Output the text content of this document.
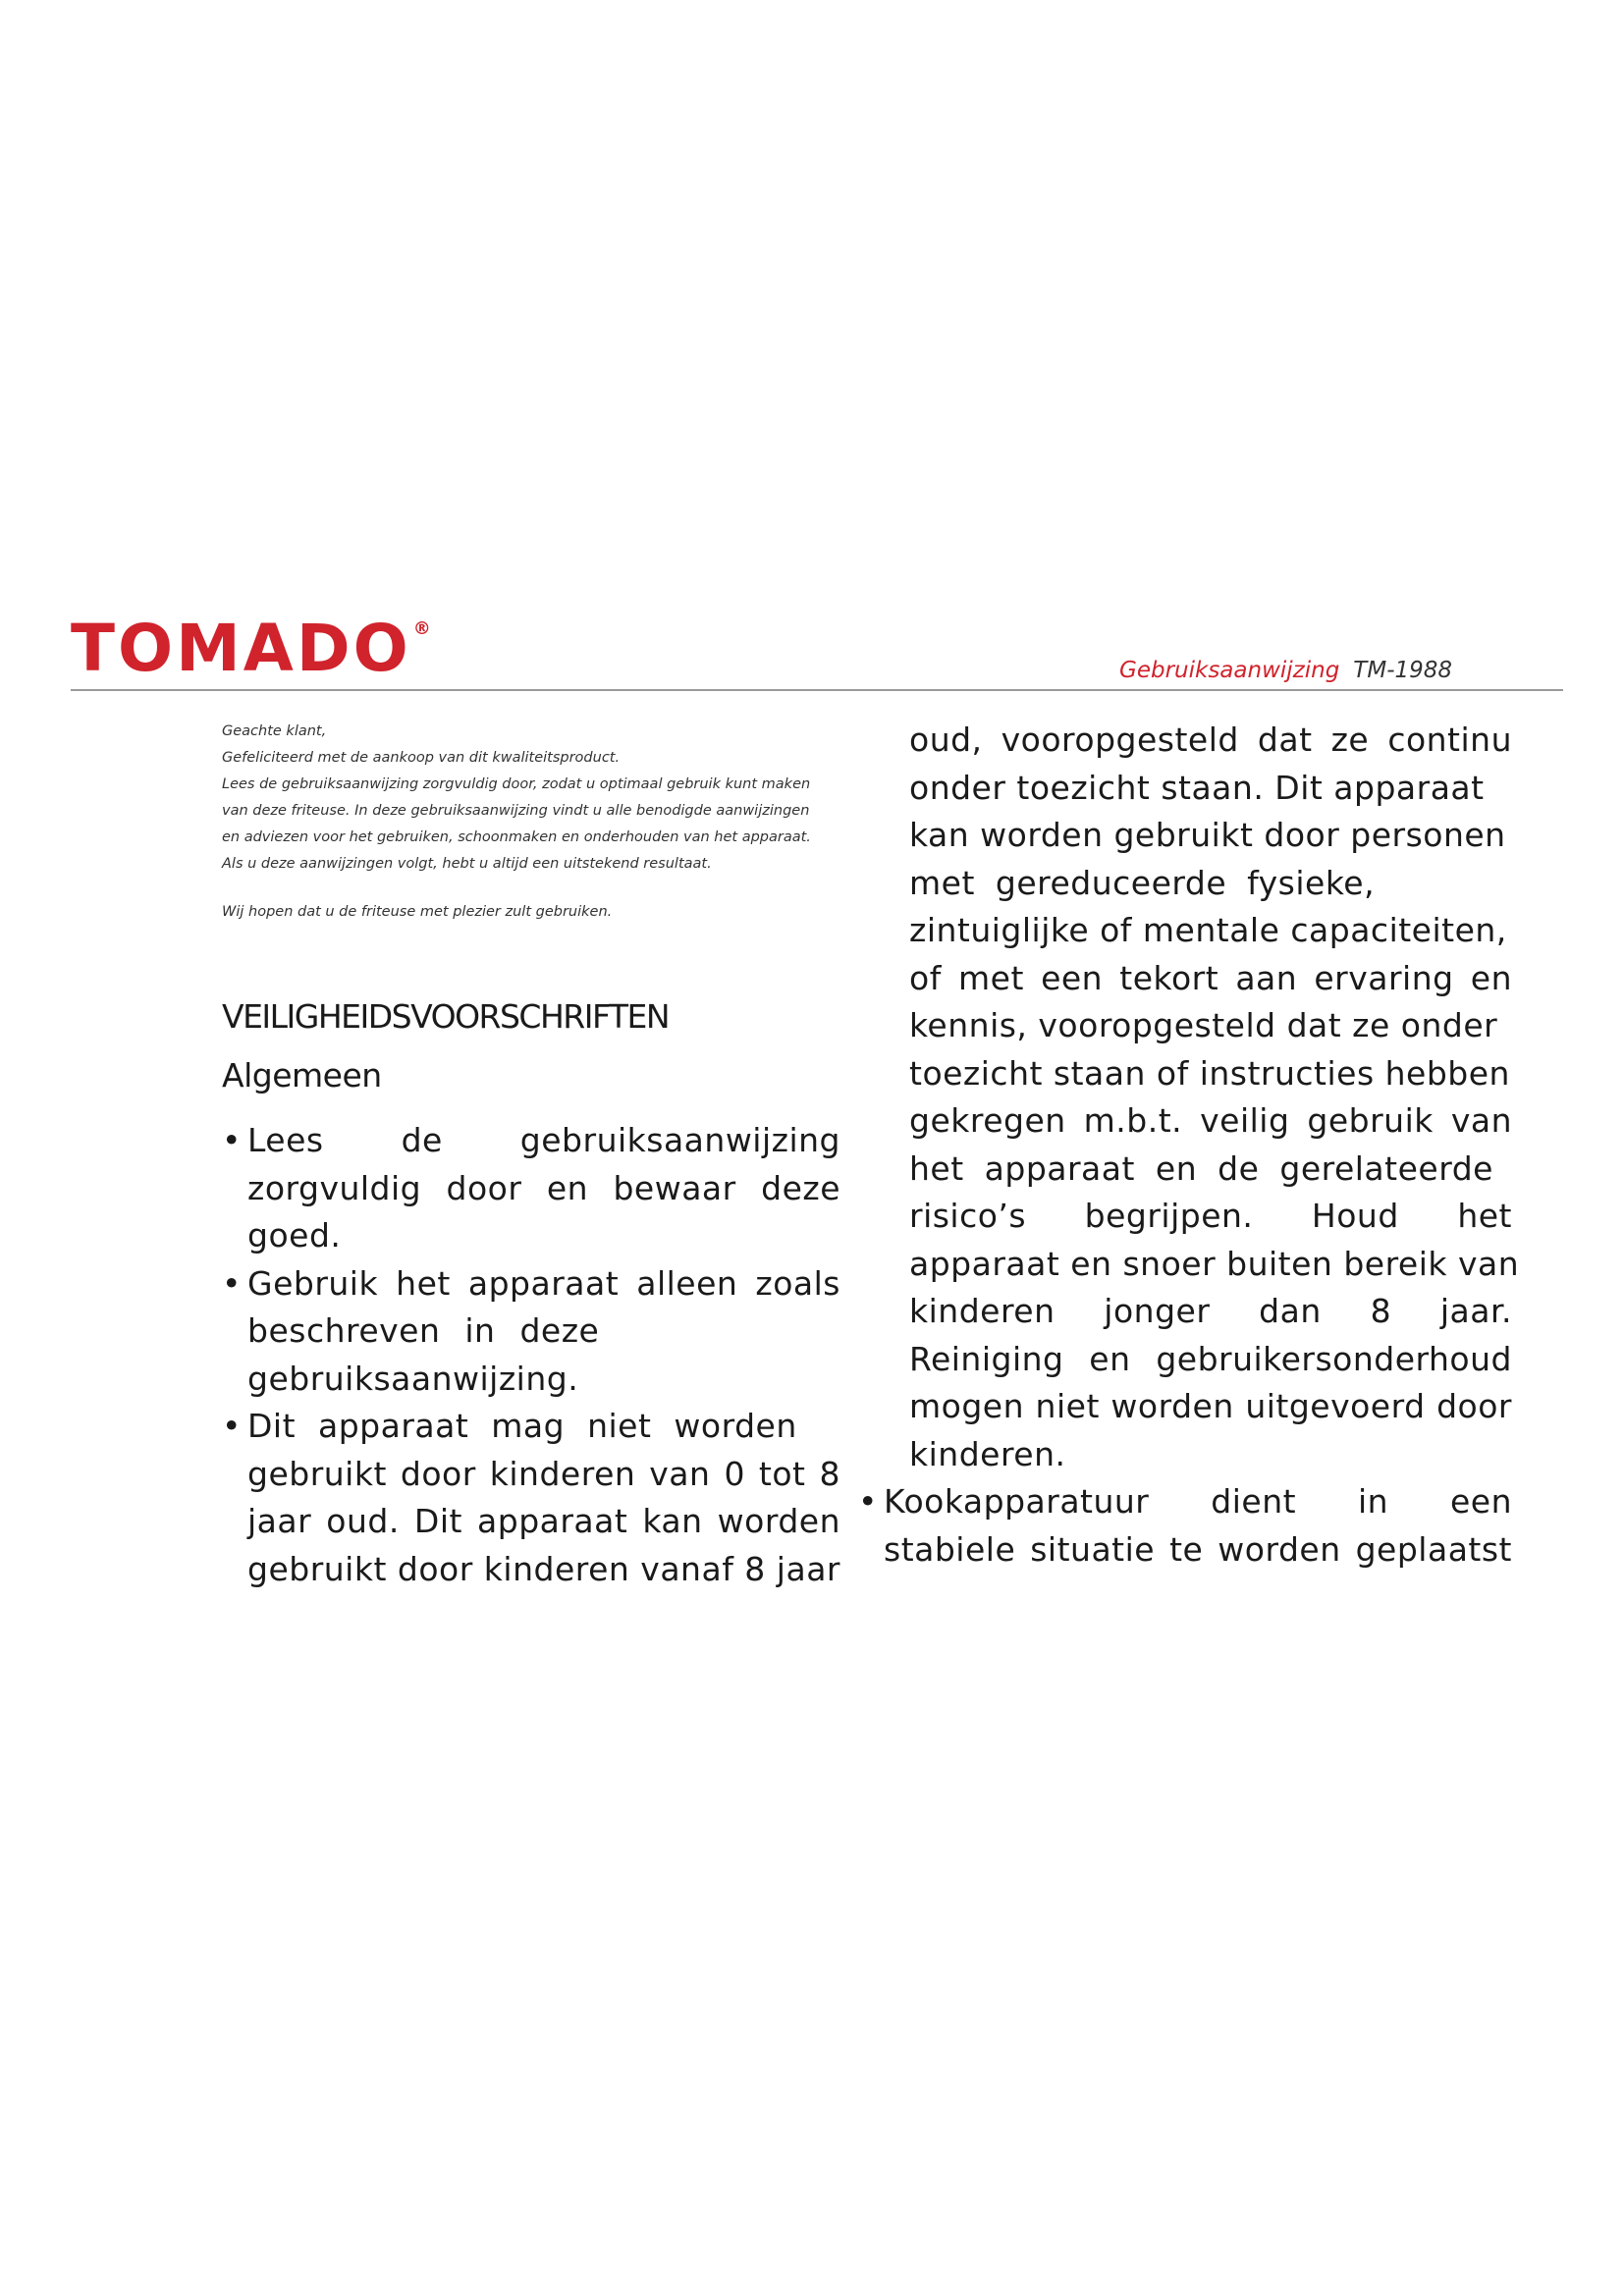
TOMADO ®
Gebruiksaanwijzing TM-1988

Geachte klant,

Gefeliciteerd met de aankoop van dit kwaliteitsproduct.

Lees de gebruiksaanwijzing zorgvuldig door, zodat u optimaal gebruik kunt maken

van deze friteuse. In deze gebruiksaanwijzing vindt u alle benodigde aanwijzingen

en adviezen voor het gebruiken, schoonmaken en onderhouden van het apparaat.

Als u deze aanwijzingen volgt, hebt u altijd een uitstekend resultaat.

Wij hopen dat u de friteuse met plezier zult gebruiken.

VEILIGHEIDSVOORSCHRIFTEN
Algemeen
• Lees de gebruiksaanwijzing
zorgvuldig door en bewaar deze
goed.
• Gebruik het apparaat alleen zoals
beschreven in deze
gebruiksaanwijzing.
• Dit apparaat mag niet worden
gebruikt door kinderen van 0 tot 8
jaar oud. Dit apparaat kan worden
gebruikt door kinderen vanaf 8 jaar
oud, vooropgesteld dat ze continu
onder toezicht staan. Dit apparaat
kan worden gebruikt door personen
met gereduceerde fysieke,
zintuiglijke of mentale capaciteiten,
of met een tekort aan ervaring en
kennis, vooropgesteld dat ze onder
toezicht staan of instructies hebben
gekregen m.b.t. veilig gebruik van
het apparaat en de gerelateerde
risico’s begrijpen. Houd het
apparaat en snoer buiten bereik van
kinderen jonger dan 8 jaar.
Reiniging en gebruikersonderhoud
mogen niet worden uitgevoerd door
kinderen.
• Kookapparatuur dient in een
stabiele situatie te worden geplaatst
